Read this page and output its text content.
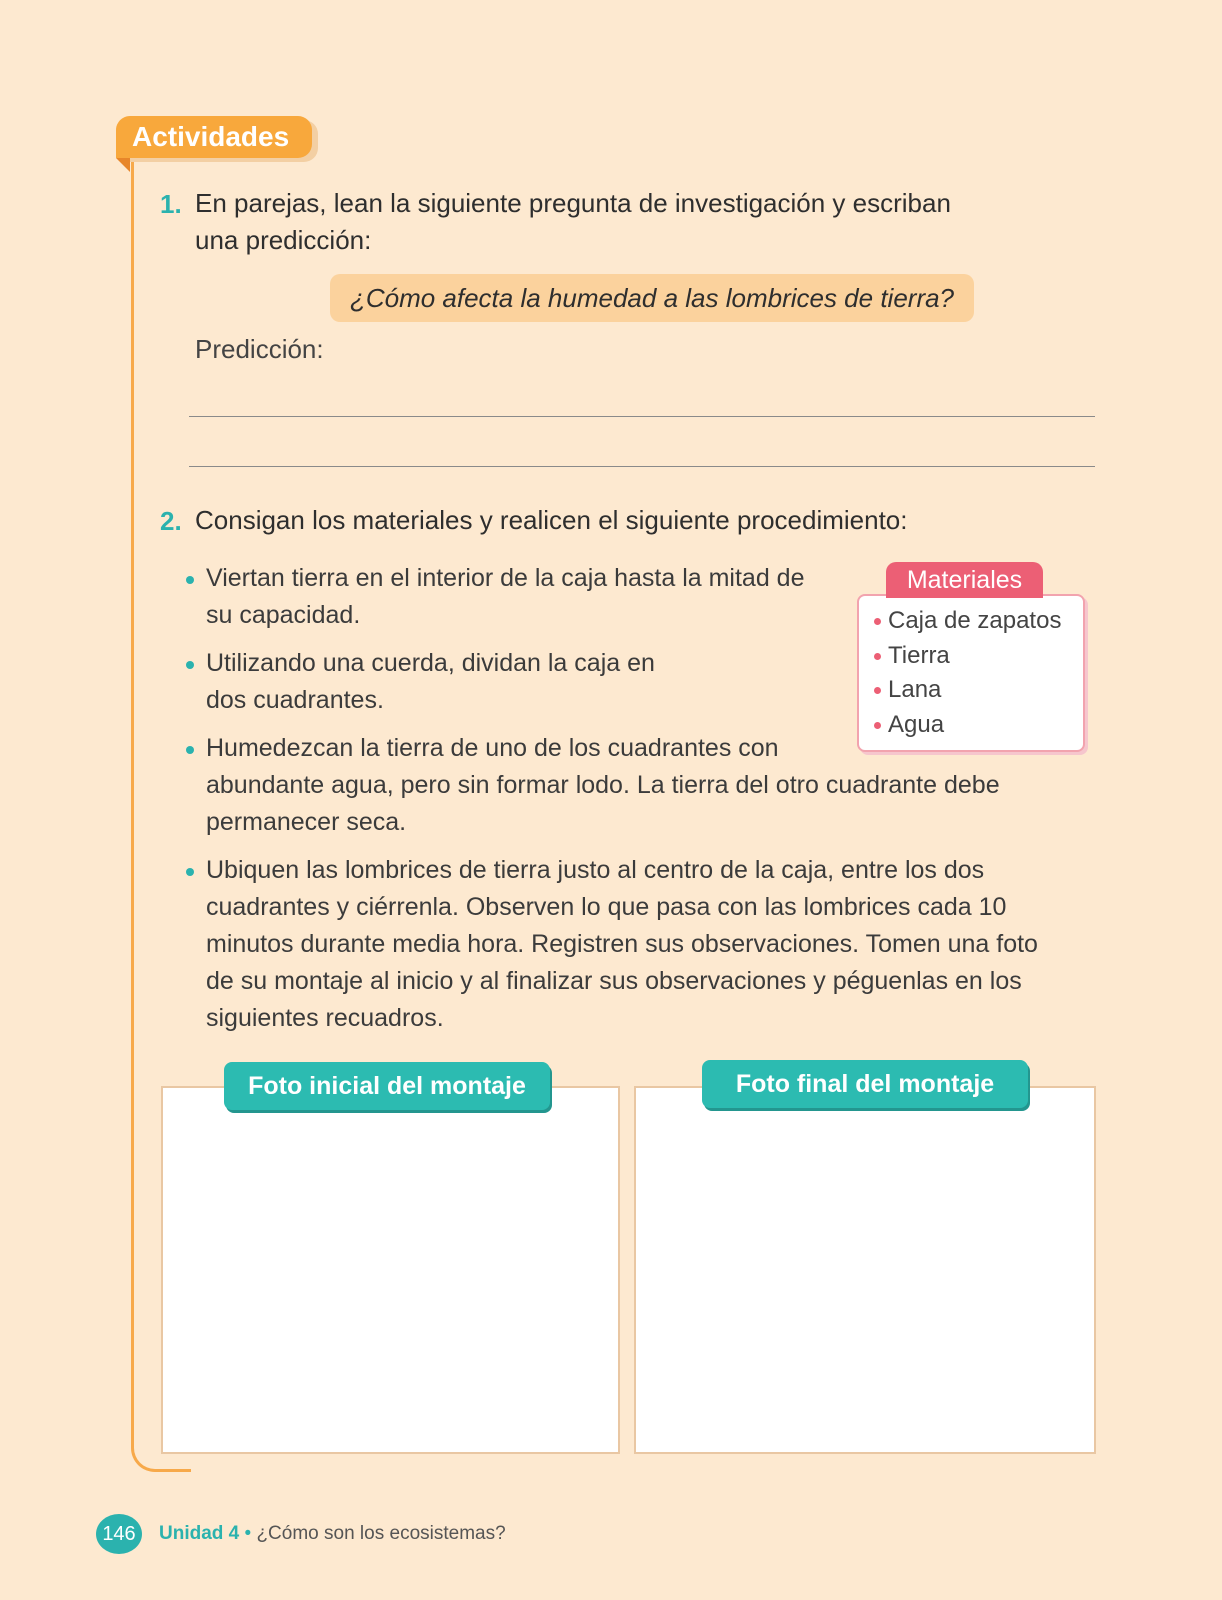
Actividades
1. En parejas, lean la siguiente pregunta de investigación y escriban
una predicción:
¿Cómo afecta la humedad a las lombrices de tierra?
Predicción:
2. Consigan los materiales y realicen el siguiente procedimiento:
Viertan tierra en el interior de la caja hasta la mitad de
su capacidad.
Utilizando una cuerda, dividan la caja en
dos cuadrantes.
Humedezcan la tierra de uno de los cuadrantes con
abundante agua, pero sin formar lodo. La tierra del otro cuadrante debe
permanecer seca.
Ubiquen las lombrices de tierra justo al centro de la caja, entre los dos
cuadrantes y ciérrenla. Observen lo que pasa con las lombrices cada 10
minutos durante media hora. Registren sus observaciones. Tomen una foto
de su montaje al inicio y al finalizar sus observaciones y péguenlas en los
siguientes recuadros.
Materiales
Caja de zapatos
Tierra
Lana
Agua
Foto inicial del montaje	Foto final del montaje
146	Unidad 4 • ¿Cómo son los ecosistemas?
